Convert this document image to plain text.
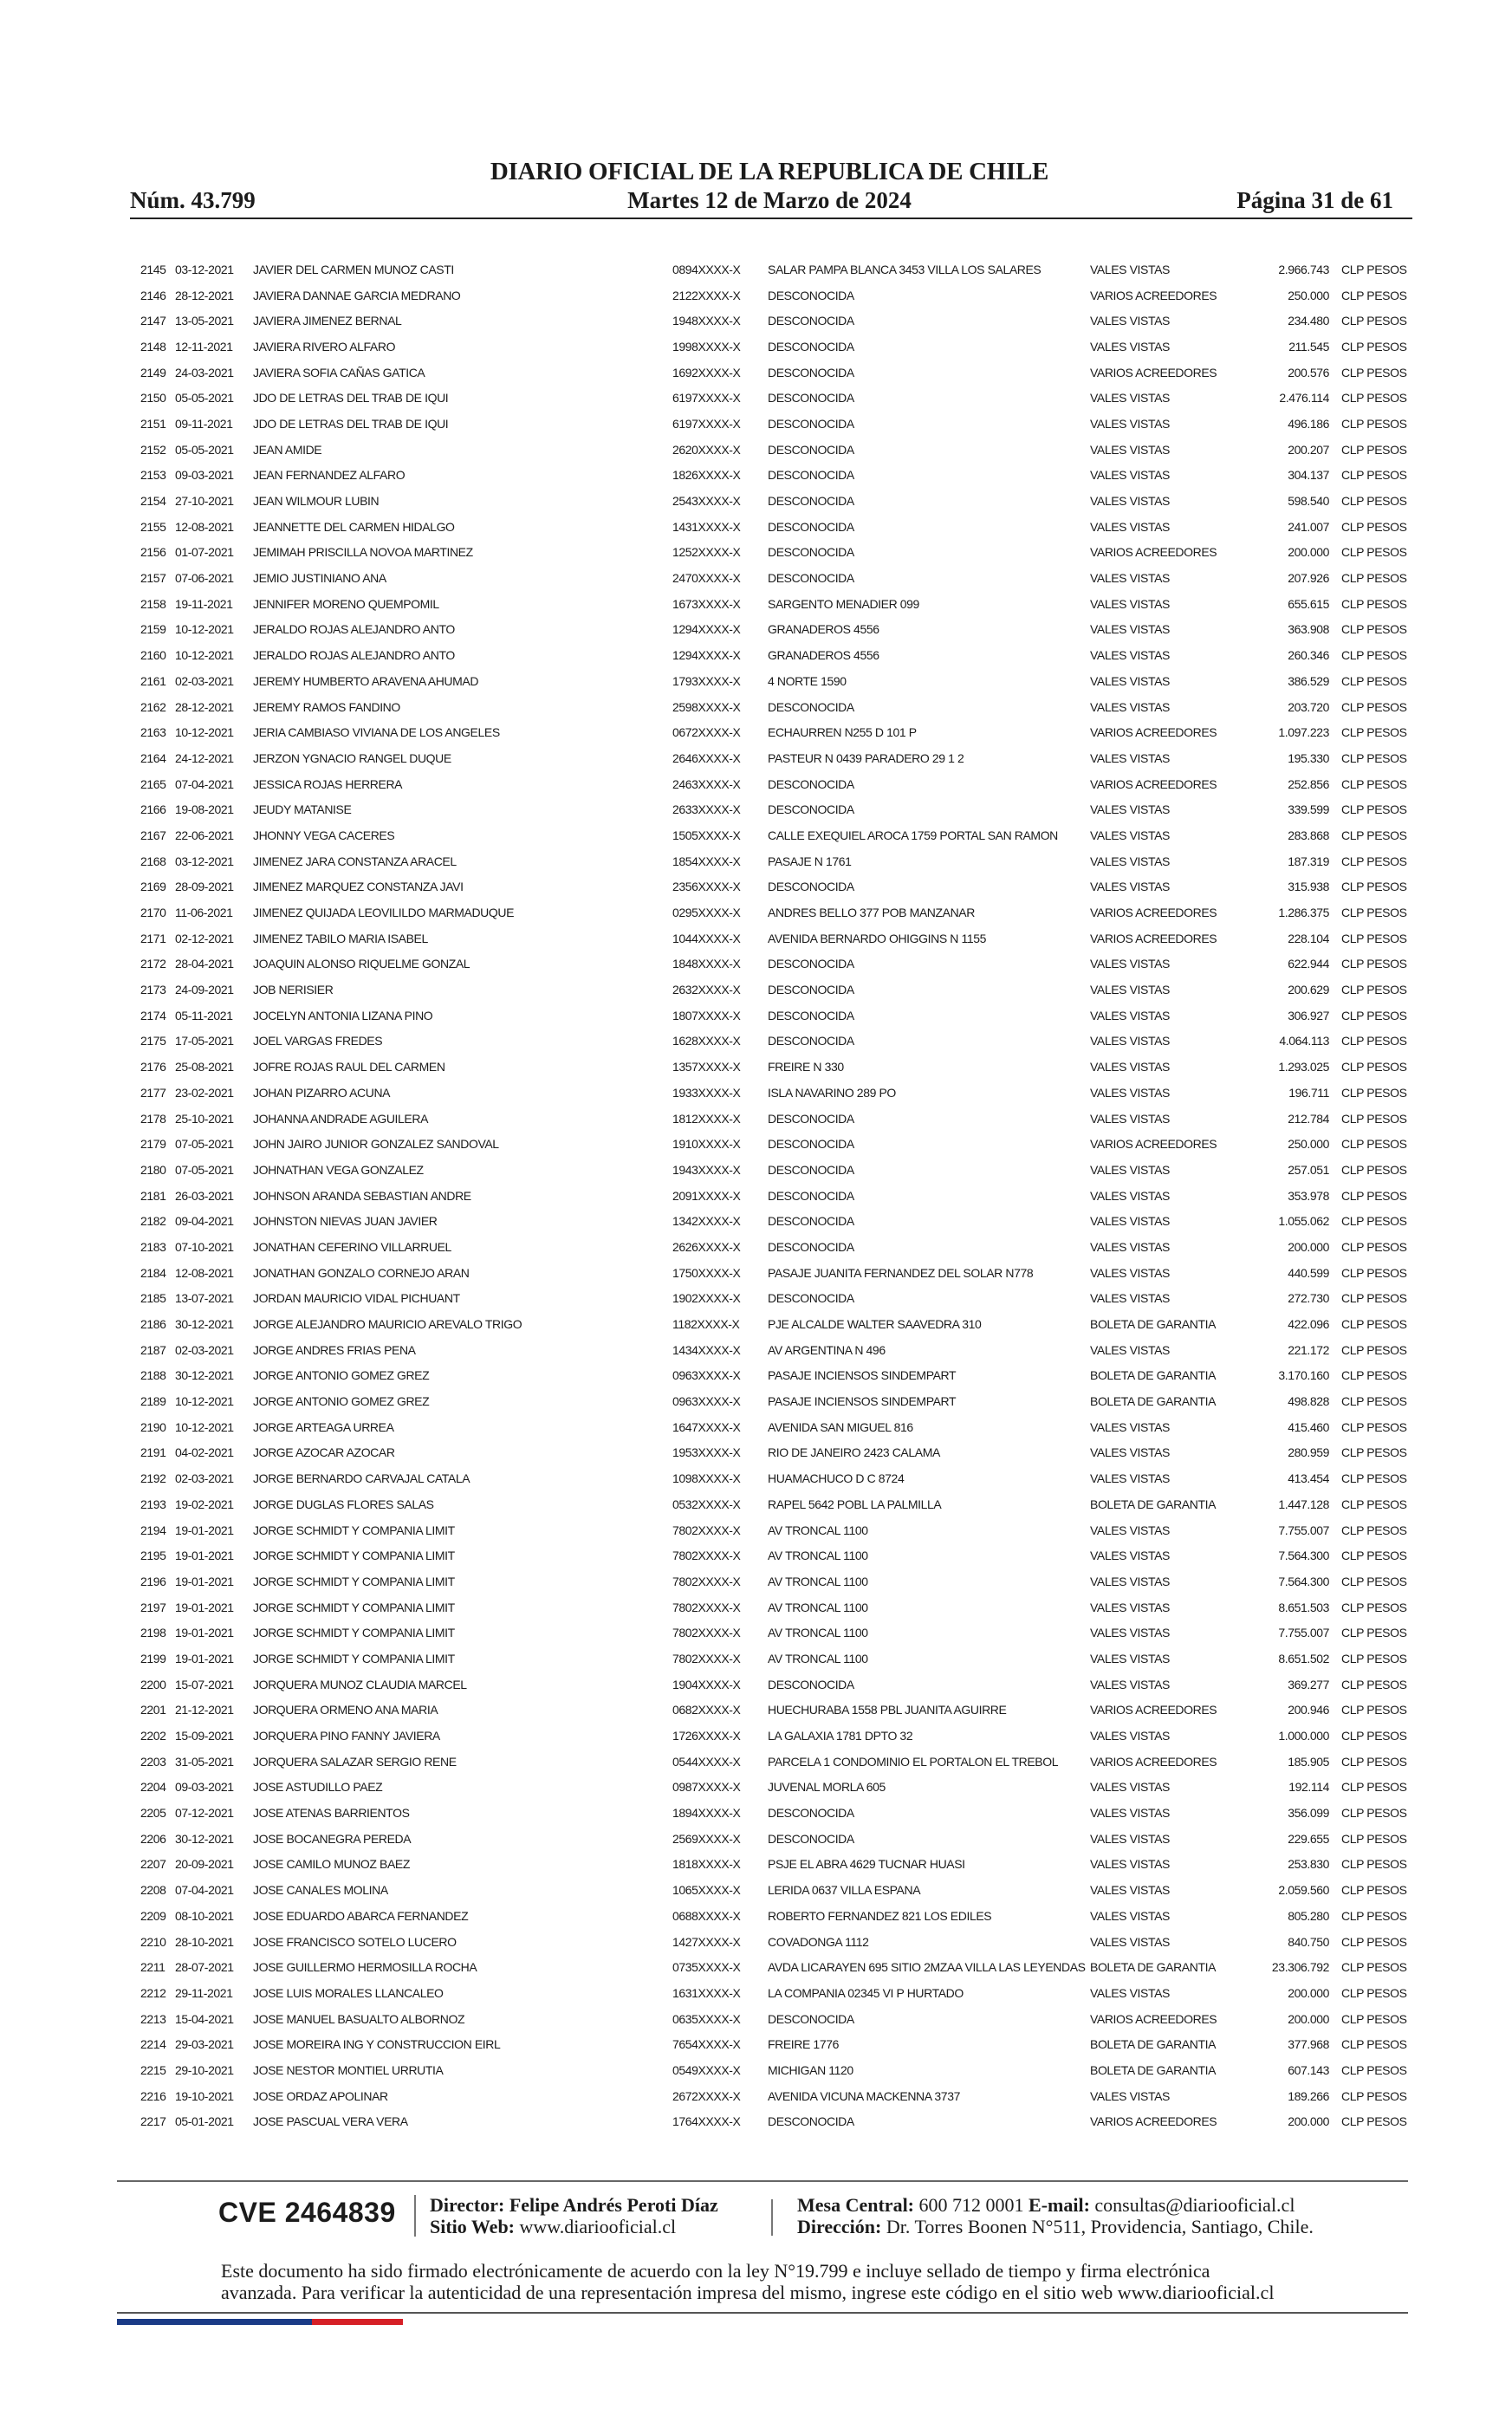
Núm. 43.799
DIARIO OFICIAL DE LA REPUBLICA DE CHILE
Martes 12 de Marzo de 2024	Página 31 de 61
2145	03-12-2021	JAVIER DEL CARMEN MUNOZ CASTI	0894XXXX-X	SALAR PAMPA BLANCA 3453 VILLA LOS SALARES	VALES VISTAS	2.966.743	CLP PESOS
2146	28-12-2021	JAVIERA DANNAE GARCIA MEDRANO	2122XXXX-X	DESCONOCIDA	VARIOS ACREEDORES	250.000	CLP PESOS
2147	13-05-2021	JAVIERA JIMENEZ BERNAL	1948XXXX-X	DESCONOCIDA	VALES VISTAS	234.480	CLP PESOS
2148	12-11-2021	JAVIERA RIVERO ALFARO	1998XXXX-X	DESCONOCIDA	VALES VISTAS	211.545	CLP PESOS
2149	24-03-2021	JAVIERA SOFIA CAÑAS GATICA	1692XXXX-X	DESCONOCIDA	VARIOS ACREEDORES	200.576	CLP PESOS
2150	05-05-2021	JDO DE LETRAS DEL TRAB DE IQUI	6197XXXX-X	DESCONOCIDA	VALES VISTAS	2.476.114	CLP PESOS
2151	09-11-2021	JDO DE LETRAS DEL TRAB DE IQUI	6197XXXX-X	DESCONOCIDA	VALES VISTAS	496.186	CLP PESOS
2152	05-05-2021	JEAN AMIDE	2620XXXX-X	DESCONOCIDA	VALES VISTAS	200.207	CLP PESOS
2153	09-03-2021	JEAN FERNANDEZ ALFARO	1826XXXX-X	DESCONOCIDA	VALES VISTAS	304.137	CLP PESOS
2154	27-10-2021	JEAN WILMOUR LUBIN	2543XXXX-X	DESCONOCIDA	VALES VISTAS	598.540	CLP PESOS
2155	12-08-2021	JEANNETTE DEL CARMEN HIDALGO	1431XXXX-X	DESCONOCIDA	VALES VISTAS	241.007	CLP PESOS
2156	01-07-2021	JEMIMAH PRISCILLA NOVOA MARTINEZ	1252XXXX-X	DESCONOCIDA	VARIOS ACREEDORES	200.000	CLP PESOS
2157	07-06-2021	JEMIO JUSTINIANO ANA	2470XXXX-X	DESCONOCIDA	VALES VISTAS	207.926	CLP PESOS
2158	19-11-2021	JENNIFER MORENO QUEMPOMIL	1673XXXX-X	SARGENTO MENADIER 099	VALES VISTAS	655.615	CLP PESOS
2159	10-12-2021	JERALDO ROJAS ALEJANDRO ANTO	1294XXXX-X	GRANADEROS 4556	VALES VISTAS	363.908	CLP PESOS
2160	10-12-2021	JERALDO ROJAS ALEJANDRO ANTO	1294XXXX-X	GRANADEROS 4556	VALES VISTAS	260.346	CLP PESOS
2161	02-03-2021	JEREMY HUMBERTO ARAVENA AHUMAD	1793XXXX-X	4 NORTE 1590	VALES VISTAS	386.529	CLP PESOS
2162	28-12-2021	JEREMY RAMOS FANDINO	2598XXXX-X	DESCONOCIDA	VALES VISTAS	203.720	CLP PESOS
2163	10-12-2021	JERIA CAMBIASO VIVIANA DE LOS ANGELES	0672XXXX-X	ECHAURREN N255 D 101 P	VARIOS ACREEDORES	1.097.223	CLP PESOS
2164	24-12-2021	JERZON YGNACIO RANGEL DUQUE	2646XXXX-X	PASTEUR N 0439 PARADERO 29 1 2	VALES VISTAS	195.330	CLP PESOS
2165	07-04-2021	JESSICA ROJAS HERRERA	2463XXXX-X	DESCONOCIDA	VARIOS ACREEDORES	252.856	CLP PESOS
2166	19-08-2021	JEUDY MATANISE	2633XXXX-X	DESCONOCIDA	VALES VISTAS	339.599	CLP PESOS
2167	22-06-2021	JHONNY VEGA CACERES	1505XXXX-X	CALLE EXEQUIEL AROCA 1759 PORTAL SAN RAMON	VALES VISTAS	283.868	CLP PESOS
2168	03-12-2021	JIMENEZ JARA CONSTANZA ARACEL	1854XXXX-X	PASAJE N 1761	VALES VISTAS	187.319	CLP PESOS
2169	28-09-2021	JIMENEZ MARQUEZ CONSTANZA JAVI	2356XXXX-X	DESCONOCIDA	VALES VISTAS	315.938	CLP PESOS
2170	11-06-2021	JIMENEZ QUIJADA LEOVILILDO MARMADUQUE	0295XXXX-X	ANDRES BELLO 377 POB MANZANAR	VARIOS ACREEDORES	1.286.375	CLP PESOS
2171	02-12-2021	JIMENEZ TABILO MARIA ISABEL	1044XXXX-X	AVENIDA BERNARDO OHIGGINS N 1155	VARIOS ACREEDORES	228.104	CLP PESOS
2172	28-04-2021	JOAQUIN ALONSO RIQUELME GONZAL	1848XXXX-X	DESCONOCIDA	VALES VISTAS	622.944	CLP PESOS
2173	24-09-2021	JOB NERISIER	2632XXXX-X	DESCONOCIDA	VALES VISTAS	200.629	CLP PESOS
2174	05-11-2021	JOCELYN ANTONIA LIZANA PINO	1807XXXX-X	DESCONOCIDA	VALES VISTAS	306.927	CLP PESOS
2175	17-05-2021	JOEL VARGAS FREDES	1628XXXX-X	DESCONOCIDA	VALES VISTAS	4.064.113	CLP PESOS
2176	25-08-2021	JOFRE ROJAS RAUL DEL CARMEN	1357XXXX-X	FREIRE N 330	VALES VISTAS	1.293.025	CLP PESOS
2177	23-02-2021	JOHAN PIZARRO ACUNA	1933XXXX-X	ISLA NAVARINO 289 PO	VALES VISTAS	196.711	CLP PESOS
2178	25-10-2021	JOHANNA ANDRADE AGUILERA	1812XXXX-X	DESCONOCIDA	VALES VISTAS	212.784	CLP PESOS
2179	07-05-2021	JOHN JAIRO JUNIOR GONZALEZ SANDOVAL	1910XXXX-X	DESCONOCIDA	VARIOS ACREEDORES	250.000	CLP PESOS
2180	07-05-2021	JOHNATHAN VEGA GONZALEZ	1943XXXX-X	DESCONOCIDA	VALES VISTAS	257.051	CLP PESOS
2181	26-03-2021	JOHNSON ARANDA SEBASTIAN ANDRE	2091XXXX-X	DESCONOCIDA	VALES VISTAS	353.978	CLP PESOS
2182	09-04-2021	JOHNSTON NIEVAS JUAN JAVIER	1342XXXX-X	DESCONOCIDA	VALES VISTAS	1.055.062	CLP PESOS
2183	07-10-2021	JONATHAN CEFERINO VILLARRUEL	2626XXXX-X	DESCONOCIDA	VALES VISTAS	200.000	CLP PESOS
2184	12-08-2021	JONATHAN GONZALO CORNEJO ARAN	1750XXXX-X	PASAJE JUANITA FERNANDEZ DEL SOLAR N778	VALES VISTAS	440.599	CLP PESOS
2185	13-07-2021	JORDAN MAURICIO VIDAL PICHUANT	1902XXXX-X	DESCONOCIDA	VALES VISTAS	272.730	CLP PESOS
2186	30-12-2021	JORGE ALEJANDRO MAURICIO AREVALO TRIGO	1182XXXX-X	PJE ALCALDE WALTER SAAVEDRA 310	BOLETA DE GARANTIA	422.096	CLP PESOS
2187	02-03-2021	JORGE ANDRES FRIAS PENA	1434XXXX-X	AV ARGENTINA N 496	VALES VISTAS	221.172	CLP PESOS
2188	30-12-2021	JORGE ANTONIO GOMEZ GREZ	0963XXXX-X	PASAJE INCIENSOS SINDEMPART	BOLETA DE GARANTIA	3.170.160	CLP PESOS
2189	10-12-2021	JORGE ANTONIO GOMEZ GREZ	0963XXXX-X	PASAJE INCIENSOS SINDEMPART	BOLETA DE GARANTIA	498.828	CLP PESOS
2190	10-12-2021	JORGE ARTEAGA URREA	1647XXXX-X	AVENIDA SAN MIGUEL 816	VALES VISTAS	415.460	CLP PESOS
2191	04-02-2021	JORGE AZOCAR AZOCAR	1953XXXX-X	RIO DE JANEIRO 2423 CALAMA	VALES VISTAS	280.959	CLP PESOS
2192	02-03-2021	JORGE BERNARDO CARVAJAL CATALA	1098XXXX-X	HUAMACHUCO D C 8724	VALES VISTAS	413.454	CLP PESOS
2193	19-02-2021	JORGE DUGLAS FLORES SALAS	0532XXXX-X	RAPEL 5642 POBL LA PALMILLA	BOLETA DE GARANTIA	1.447.128	CLP PESOS
2194	19-01-2021	JORGE SCHMIDT Y COMPANIA LIMIT	7802XXXX-X	AV TRONCAL 1100	VALES VISTAS	7.755.007	CLP PESOS
2195	19-01-2021	JORGE SCHMIDT Y COMPANIA LIMIT	7802XXXX-X	AV TRONCAL 1100	VALES VISTAS	7.564.300	CLP PESOS
2196	19-01-2021	JORGE SCHMIDT Y COMPANIA LIMIT	7802XXXX-X	AV TRONCAL 1100	VALES VISTAS	7.564.300	CLP PESOS
2197	19-01-2021	JORGE SCHMIDT Y COMPANIA LIMIT	7802XXXX-X	AV TRONCAL 1100	VALES VISTAS	8.651.503	CLP PESOS
2198	19-01-2021	JORGE SCHMIDT Y COMPANIA LIMIT	7802XXXX-X	AV TRONCAL 1100	VALES VISTAS	7.755.007	CLP PESOS
2199	19-01-2021	JORGE SCHMIDT Y COMPANIA LIMIT	7802XXXX-X	AV TRONCAL 1100	VALES VISTAS	8.651.502	CLP PESOS
2200	15-07-2021	JORQUERA MUNOZ CLAUDIA MARCEL	1904XXXX-X	DESCONOCIDA	VALES VISTAS	369.277	CLP PESOS
2201	21-12-2021	JORQUERA ORMENO ANA MARIA	0682XXXX-X	HUECHURABA 1558 PBL JUANITA AGUIRRE	VARIOS ACREEDORES	200.946	CLP PESOS
2202	15-09-2021	JORQUERA PINO FANNY JAVIERA	1726XXXX-X	LA GALAXIA 1781 DPTO 32	VALES VISTAS	1.000.000	CLP PESOS
2203	31-05-2021	JORQUERA SALAZAR SERGIO RENE	0544XXXX-X	PARCELA 1 CONDOMINIO EL PORTALON EL TREBOL	VARIOS ACREEDORES	185.905	CLP PESOS
2204	09-03-2021	JOSE ASTUDILLO PAEZ	0987XXXX-X	JUVENAL MORLA 605	VALES VISTAS	192.114	CLP PESOS
2205	07-12-2021	JOSE ATENAS BARRIENTOS	1894XXXX-X	DESCONOCIDA	VALES VISTAS	356.099	CLP PESOS
2206	30-12-2021	JOSE BOCANEGRA PEREDA	2569XXXX-X	DESCONOCIDA	VALES VISTAS	229.655	CLP PESOS
2207	20-09-2021	JOSE CAMILO MUNOZ BAEZ	1818XXXX-X	PSJE EL ABRA 4629 TUCNAR HUASI	VALES VISTAS	253.830	CLP PESOS
2208	07-04-2021	JOSE CANALES MOLINA	1065XXXX-X	LERIDA 0637 VILLA ESPANA	VALES VISTAS	2.059.560	CLP PESOS
2209	08-10-2021	JOSE EDUARDO ABARCA FERNANDEZ	0688XXXX-X	ROBERTO FERNANDEZ 821 LOS EDILES	VALES VISTAS	805.280	CLP PESOS
2210	28-10-2021	JOSE FRANCISCO SOTELO LUCERO	1427XXXX-X	COVADONGA 1112	VALES VISTAS	840.750	CLP PESOS
2211	28-07-2021	JOSE GUILLERMO HERMOSILLA ROCHA	0735XXXX-X	AVDA LICARAYEN 695 SITIO 2MZAA VILLA LAS LEYENDAS	BOLETA DE GARANTIA	23.306.792	CLP PESOS
2212	29-11-2021	JOSE LUIS MORALES LLANCALEO	1631XXXX-X	LA COMPANIA 02345 VI P HURTADO	VALES VISTAS	200.000	CLP PESOS
2213	15-04-2021	JOSE MANUEL BASUALTO ALBORNOZ	0635XXXX-X	DESCONOCIDA	VARIOS ACREEDORES	200.000	CLP PESOS
2214	29-03-2021	JOSE MOREIRA ING Y CONSTRUCCION EIRL	7654XXXX-X	FREIRE 1776	BOLETA DE GARANTIA	377.968	CLP PESOS
2215	29-10-2021	JOSE NESTOR MONTIEL URRUTIA	0549XXXX-X	MICHIGAN 1120	BOLETA DE GARANTIA	607.143	CLP PESOS
2216	19-10-2021	JOSE ORDAZ APOLINAR	2672XXXX-X	AVENIDA VICUNA MACKENNA 3737	VALES VISTAS	189.266	CLP PESOS
2217	05-01-2021	JOSE PASCUAL VERA VERA	1764XXXX-X	DESCONOCIDA	VARIOS ACREEDORES	200.000	CLP PESOS
CVE 2464839 Director: Felipe Andrés Peroti Díaz
Sitio Web: www.diariooficial.cl
Mesa Central: 600 712 0001 E-mail: consultas@diariooficial.cl
Dirección: Dr. Torres Boonen N°511, Providencia, Santiago, Chile.
Este documento ha sido firmado electrónicamente de acuerdo con la ley N°19.799 e incluye sellado de tiempo y firma electrónica
avanzada. Para verificar la autenticidad de una representación impresa del mismo, ingrese este código en el sitio web www.diariooficial.cl
